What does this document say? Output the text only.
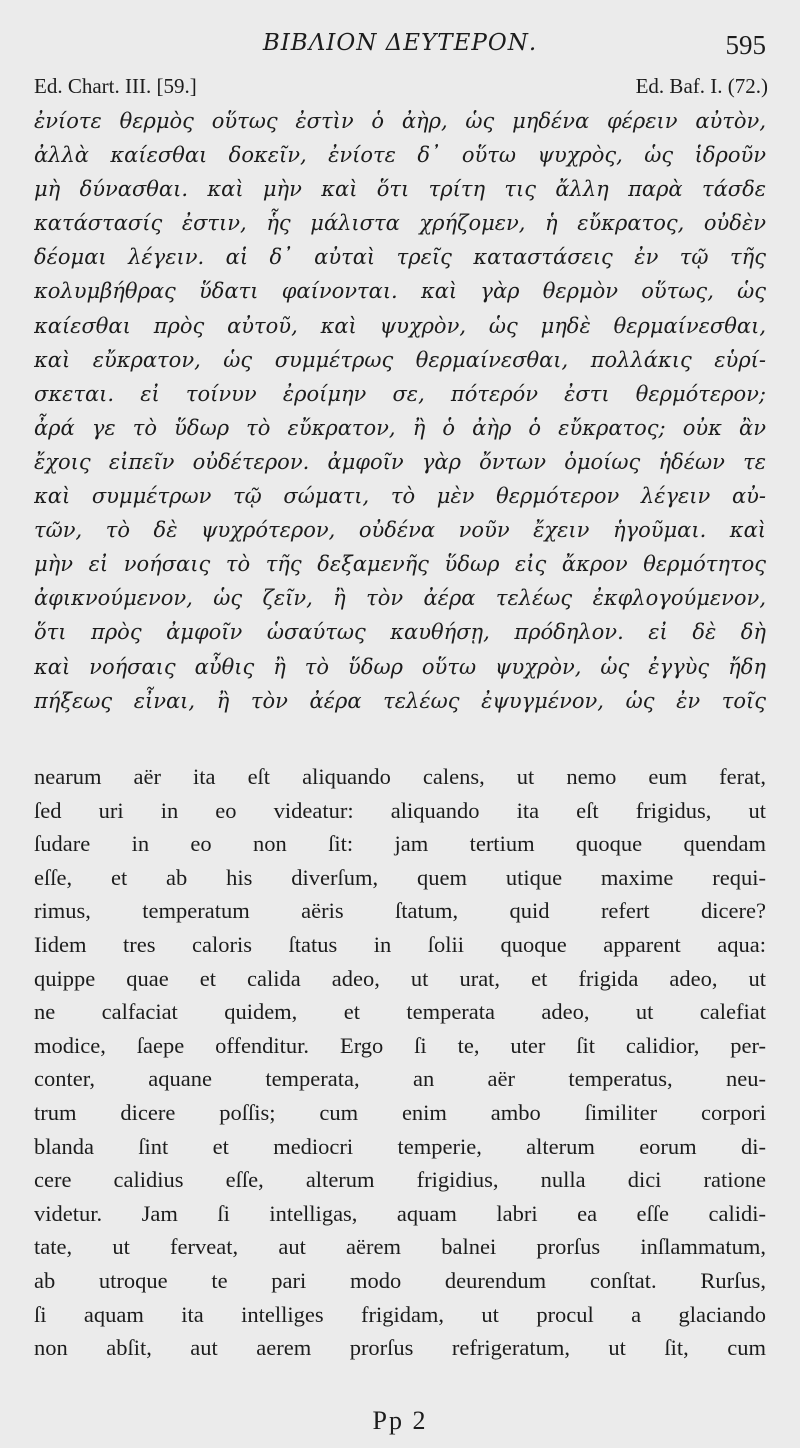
ΒΙΒΛΙΟΝ ΔΕΥΤΕΡΟΝ.	595
Ed. Chart. III. [59.]	Ed. Baf. I. (72.)
ἐνίοτε θερμὸς οὕτως ἐστὶν ὁ ἀὴρ, ὡς μηδένα φέρειν αὐτὸν,
ἀλλὰ καίεσθαι δοκεῖν, ἐνίοτε δ᾽ οὕτω ψυχρὸς, ὡς ἱδροῦν
μὴ δύνασθαι. καὶ μὴν καὶ ὅτι τρίτη τις ἄλλη παρὰ τάσδε
κατάστασίς ἐστιν, ἧς μάλιστα χρήζομεν, ἡ εὔκρατος, οὐδὲν
δέομαι λέγειν. αἱ δ᾽ αὐταὶ τρεῖς καταστάσεις ἐν τῷ τῆς
κολυμβήθρας ὕδατι φαίνονται. καὶ γὰρ θερμὸν οὕτως, ὡς
καίεσθαι πρὸς αὐτοῦ, καὶ ψυχρὸν, ὡς μηδὲ θερμαίνεσθαι,
καὶ εὔκρατον, ὡς συμμέτρως θερμαίνεσθαι, πολλάκις εὑρί-
σκεται. εἰ τοίνυν ἐροίμην σε, πότερόν ἐστι θερμότερον;
ἆρά γε τὸ ὕδωρ τὸ εὔκρατον, ἢ ὁ ἀὴρ ὁ εὔκρατος; οὐκ ἂν
ἔχοις εἰπεῖν οὐδέτερον. ἀμφοῖν γὰρ ὄντων ὁμοίως ἡδέων τε
καὶ συμμέτρων τῷ σώματι, τὸ μὲν θερμότερον λέγειν αὐ-
τῶν, τὸ δὲ ψυχρότερον, οὐδένα νοῦν ἔχειν ἡγοῦμαι. καὶ
μὴν εἰ νοήσαις τὸ τῆς δεξαμενῆς ὕδωρ εἰς ἄκρον θερμότητος
ἀφικνούμενον, ὡς ζεῖν, ἢ τὸν ἀέρα τελέως ἐκφλογούμενον,
ὅτι πρὸς ἀμφοῖν ὡσαύτως καυθήσῃ, πρόδηλον. εἰ δὲ δὴ
καὶ νοήσαις αὖθις ἢ τὸ ὕδωρ οὕτω ψυχρὸν, ὡς ἐγγὺς ἤδη
πήξεως εἶναι, ἢ τὸν ἀέρα τελέως ἐψυγμένον, ὡς ἐν τοῖς
nearum aër ita eſt aliquando calens, ut nemo eum ferat,
ſed uri in eo videatur: aliquando ita eſt frigidus, ut
ſudare in eo non ſit: jam tertium quoque quendam
eſſe, et ab his diverſum, quem utique maxime requi-
rimus, temperatum aëris ſtatum, quid refert dicere?
Iidem tres caloris ſtatus in ſolii quoque apparent aqua:
quippe quae et calida adeo, ut urat, et frigida adeo, ut
ne calfaciat quidem, et temperata adeo, ut calefiat
modice, ſaepe offenditur. Ergo ſi te, uter ſit calidior, per-
conter, aquane temperata, an aër temperatus, neu-
trum dicere poſſis; cum enim ambo ſimiliter corpori
blanda ſint et mediocri temperie, alterum eorum di-
cere calidius eſſe, alterum frigidius, nulla dici ratione
videtur. Jam ſi intelligas, aquam labri ea eſſe calidi-
tate, ut ferveat, aut aërem balnei prorſus inſlammatum,
ab utroque te pari modo deurendum conſtat. Rurſus,
ſi aquam ita intelliges frigidam, ut procul a glaciando
non abſit, aut aerem prorſus refrigeratum, ut ſit, cum
Pp 2
